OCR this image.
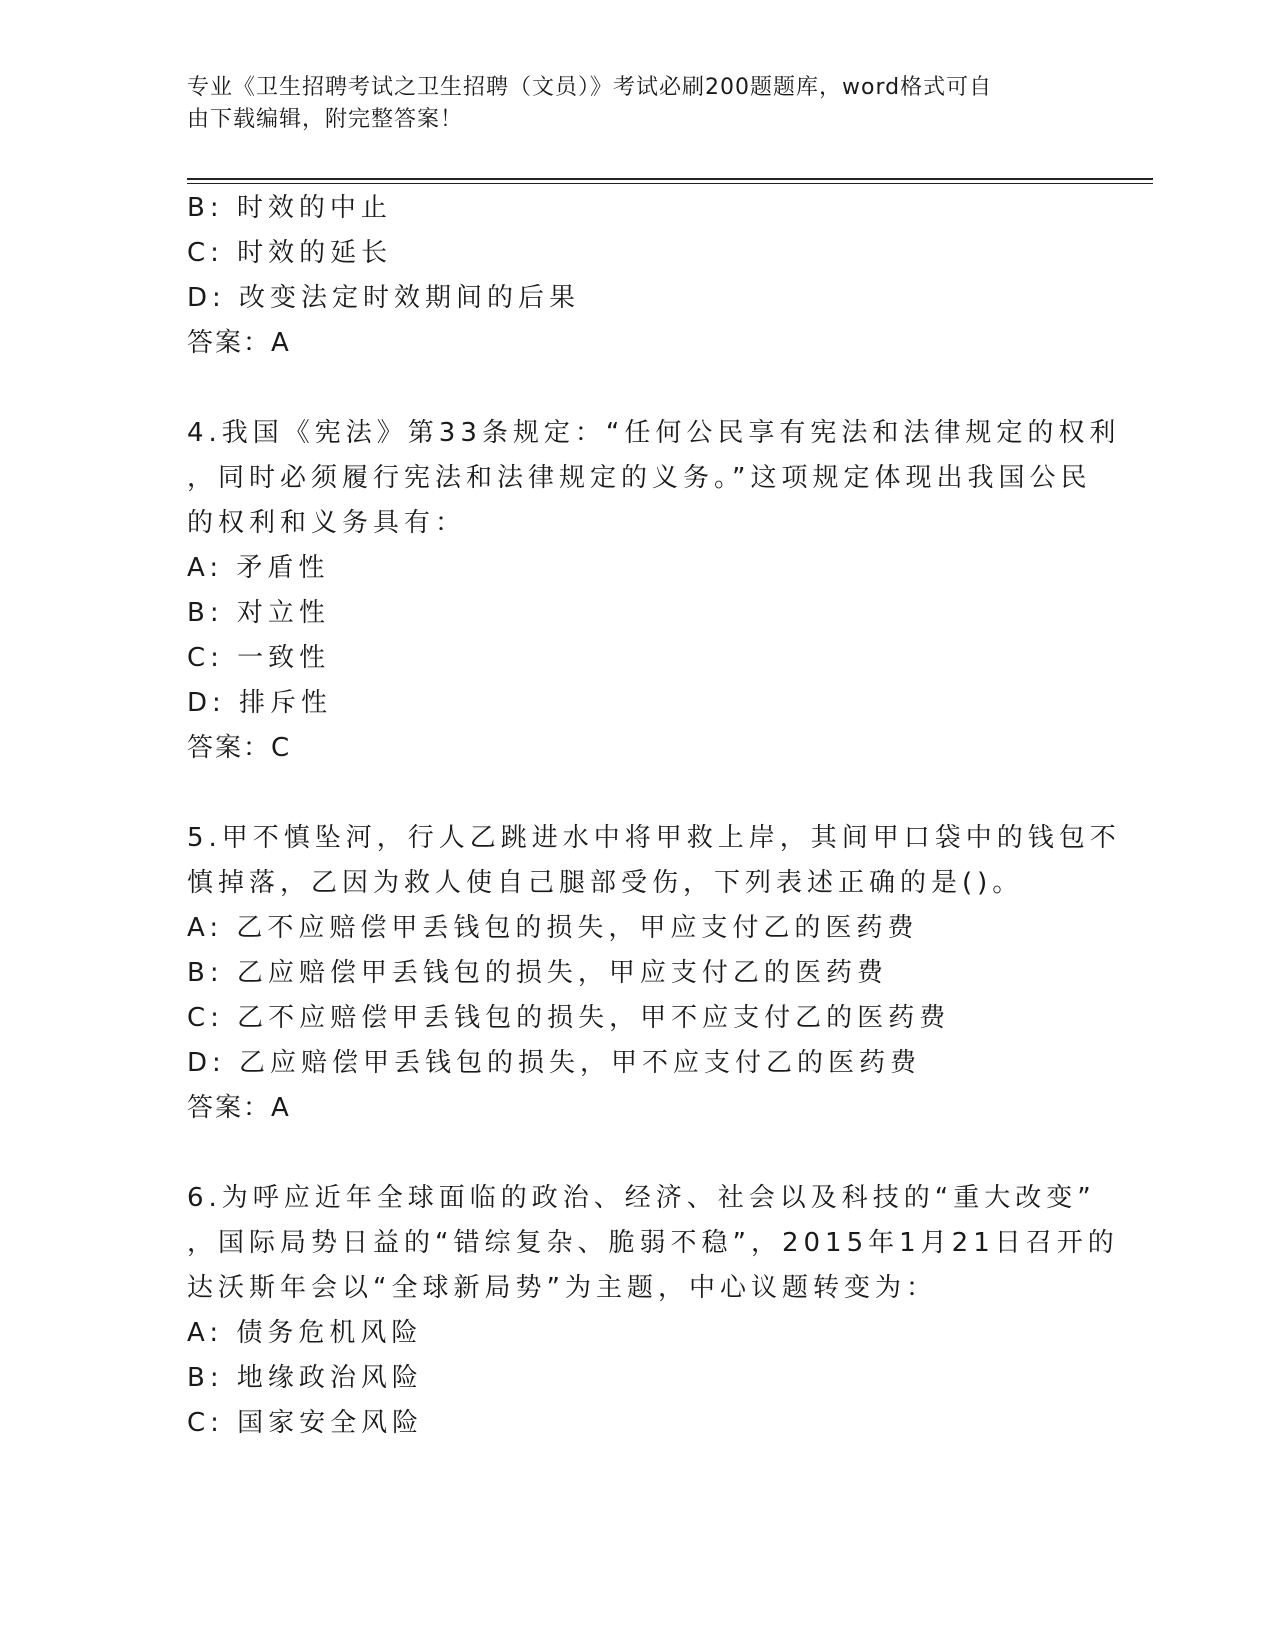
专业《卫生招聘考试之卫生招聘（文员）》考试必刷200题题库，word格式可自
由下载编辑，附完整答案！

B: 时效的中止

C: 时效的延长

D: 改变法定时效期间的后果

答案：A

4.我国《宪法》第33条规定：“任何公民享有宪法和法律规定的权利

，同时必须履行宪法和法律规定的义务。”这项规定体现出我国公民

的权利和义务具有：

A: 矛盾性

B: 对立性

C: 一致性

D: 排斥性

答案：C

5.甲不慎坠河，行人乙跳进水中将甲救上岸，其间甲口袋中的钱包不

慎掉落，乙因为救人使自己腿部受伤，下列表述正确的是()。

A: 乙不应赔偿甲丢钱包的损失，甲应支付乙的医药费

B: 乙应赔偿甲丢钱包的损失，甲应支付乙的医药费

C: 乙不应赔偿甲丢钱包的损失，甲不应支付乙的医药费

D: 乙应赔偿甲丢钱包的损失，甲不应支付乙的医药费

答案：A

6.为呼应近年全球面临的政治、经济、社会以及科技的“重大改变”

，国际局势日益的“错综复杂、脆弱不稳”，2015年1月21日召开的

达沃斯年会以“全球新局势”为主题，中心议题转变为：

A: 债务危机风险

B: 地缘政治风险

C: 国家安全风险
